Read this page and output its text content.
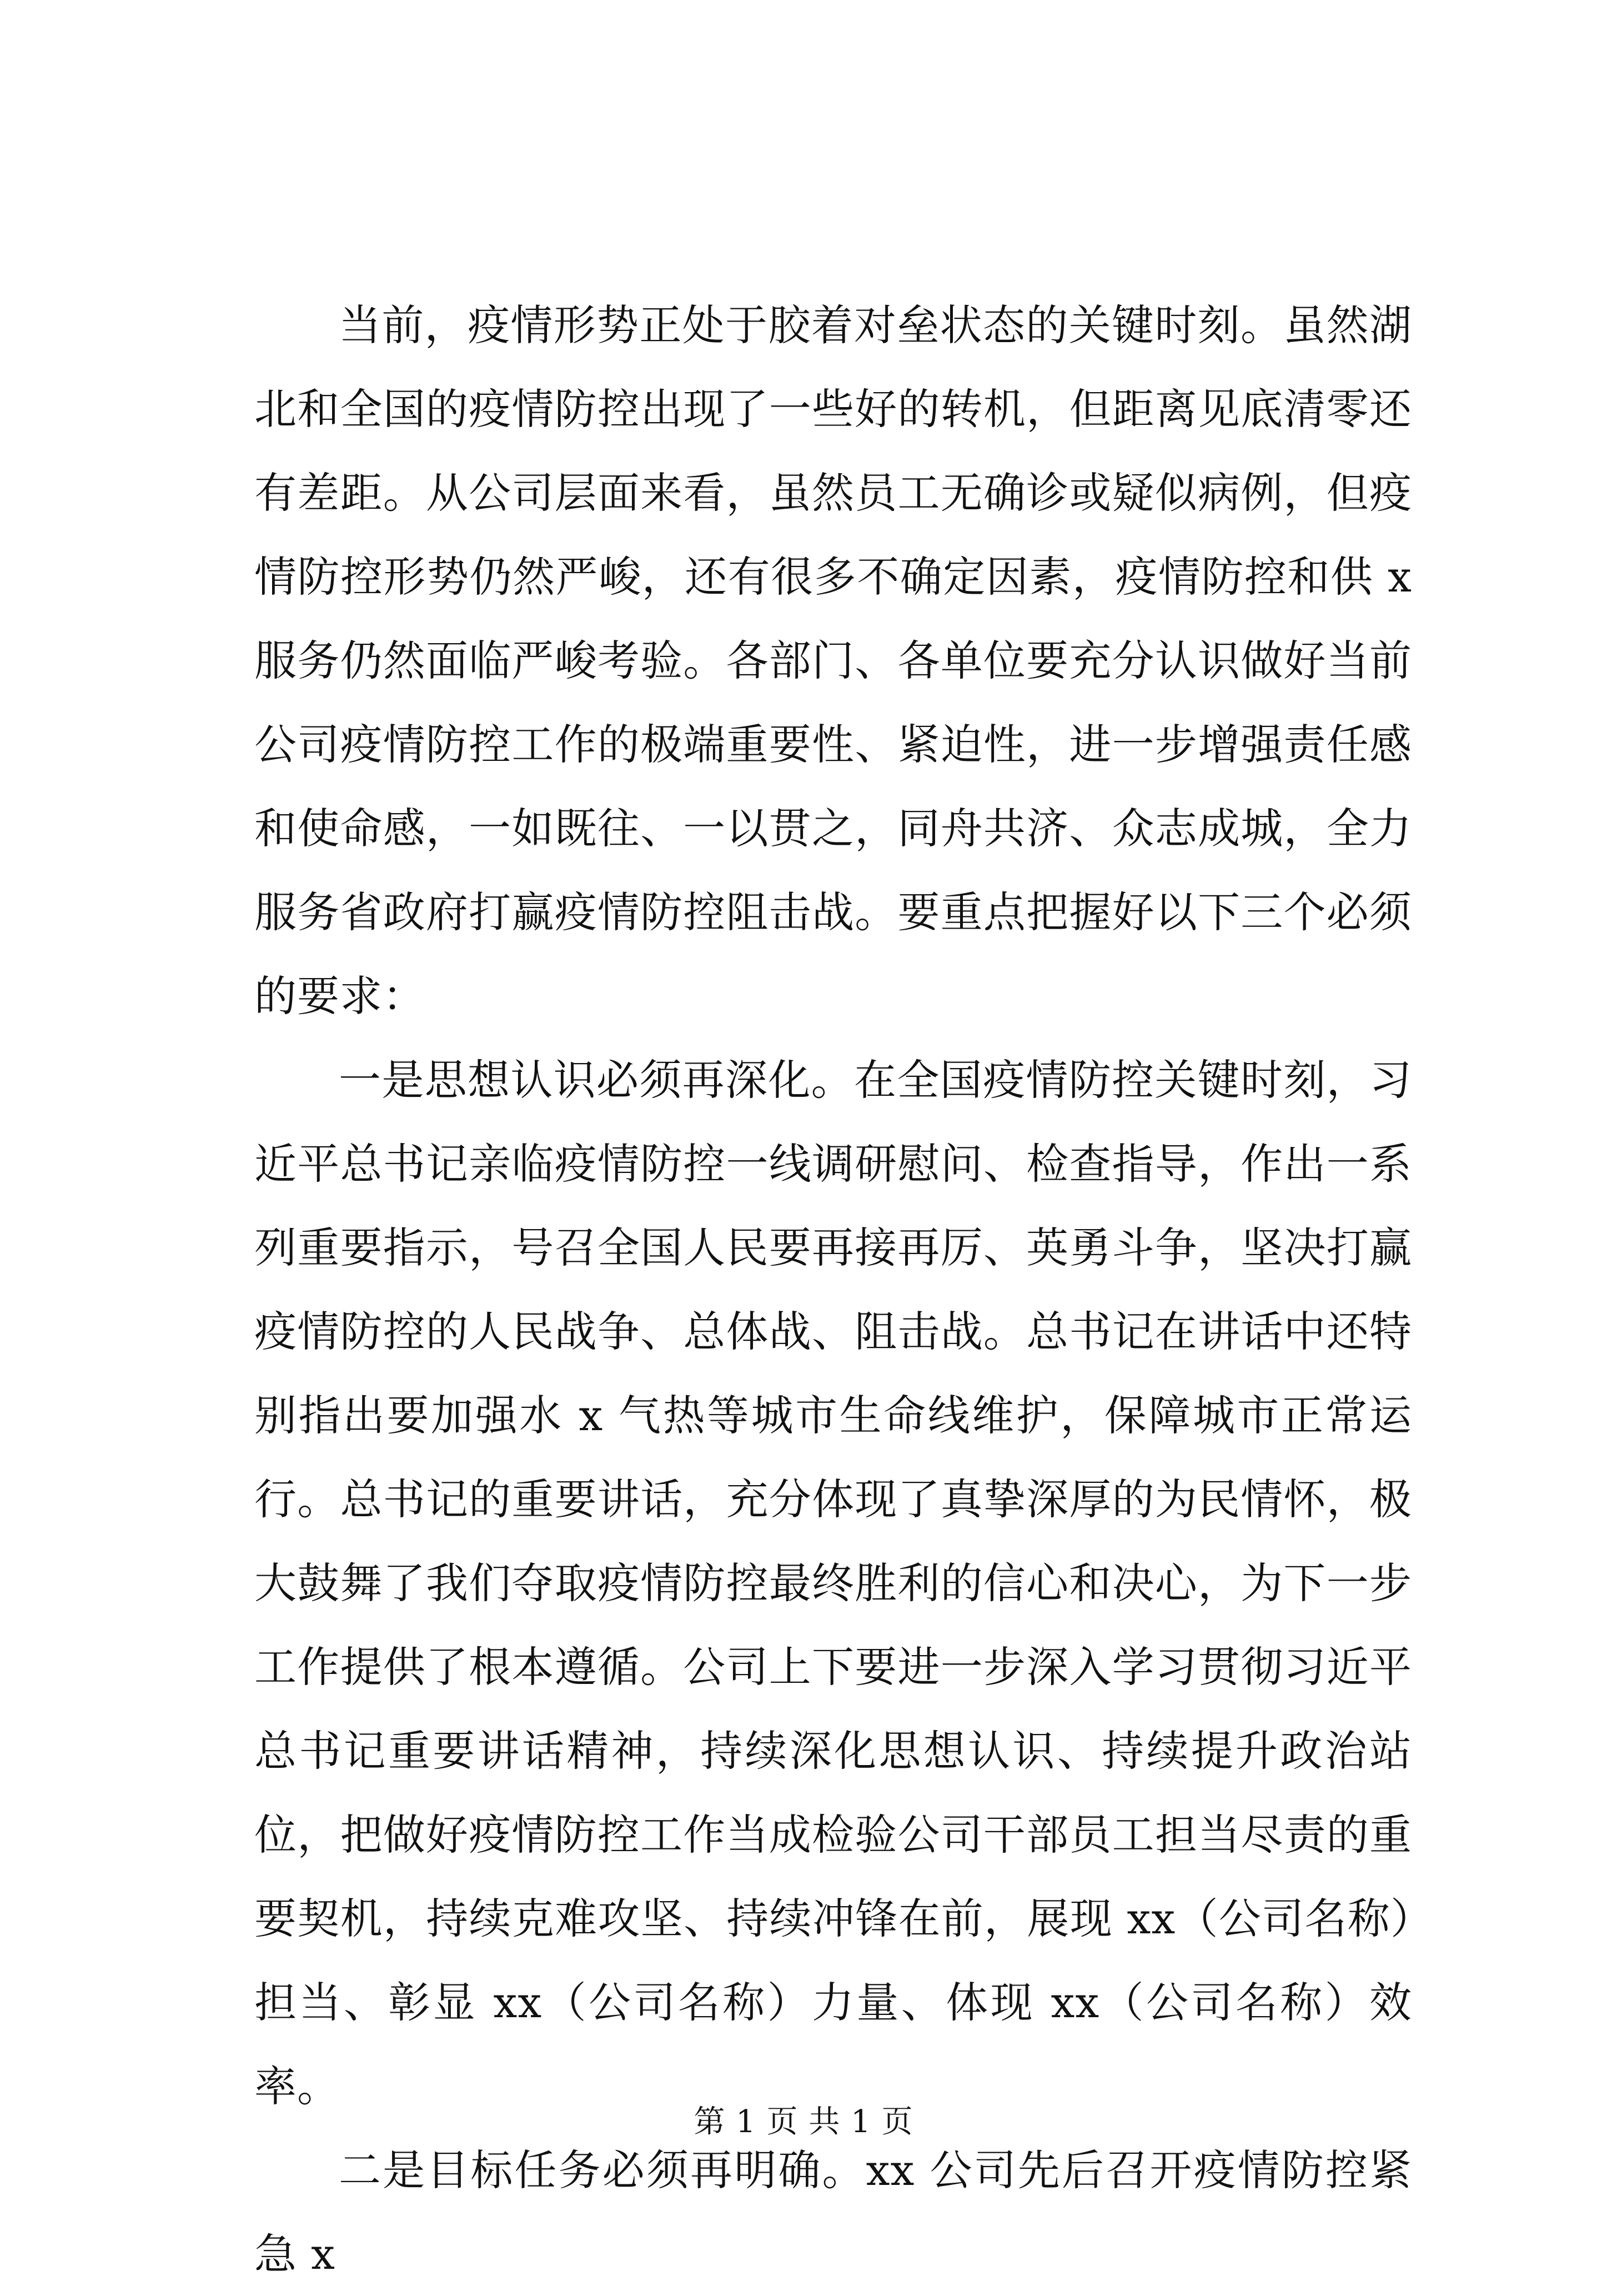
当前，疫情形势正处于胶着对垒状态的关键时刻。虽然湖北和全国的疫情防控出现了一些好的转机，但距离见底清零还有差距。从公司层面来看，虽然员工无确诊或疑似病例，但疫情防控形势仍然严峻，还有很多不确定因素，疫情防控和供 x 服务仍然面临严峻考验。各部门、各单位要充分认识做好当前公司疫情防控工作的极端重要性、紧迫性，进一步增强责任感和使命感，一如既往、一以贯之，同舟共济、众志成城，全力服务省政府打赢疫情防控阻击战。要重点把握好以下三个必须的要求：

一是思想认识必须再深化。在全国疫情防控关键时刻，习近平总书记亲临疫情防控一线调研慰问、检查指导，作出一系列重要指示，号召全国人民要再接再厉、英勇斗争，坚决打赢疫情防控的人民战争、总体战、阻击战。总书记在讲话中还特别指出要加强水 x 气热等城市生命线维护，保障城市正常运行。总书记的重要讲话，充分体现了真挚深厚的为民情怀，极大鼓舞了我们夺取疫情防控最终胜利的信心和决心，为下一步工作提供了根本遵循。公司上下要进一步深入学习贯彻习近平总书记重要讲话精神，持续深化思想认识、持续提升政治站位，把做好疫情防控工作当成检验公司干部员工担当尽责的重要契机，持续克难攻坚、持续冲锋在前，展现 xx（公司名称）担当、彰显 xx（公司名称）力量、体现 xx（公司名称）效率。

二是目标任务必须再明确。xx 公司先后召开疫情防控紧急 x

第 1 页 共 1 页
